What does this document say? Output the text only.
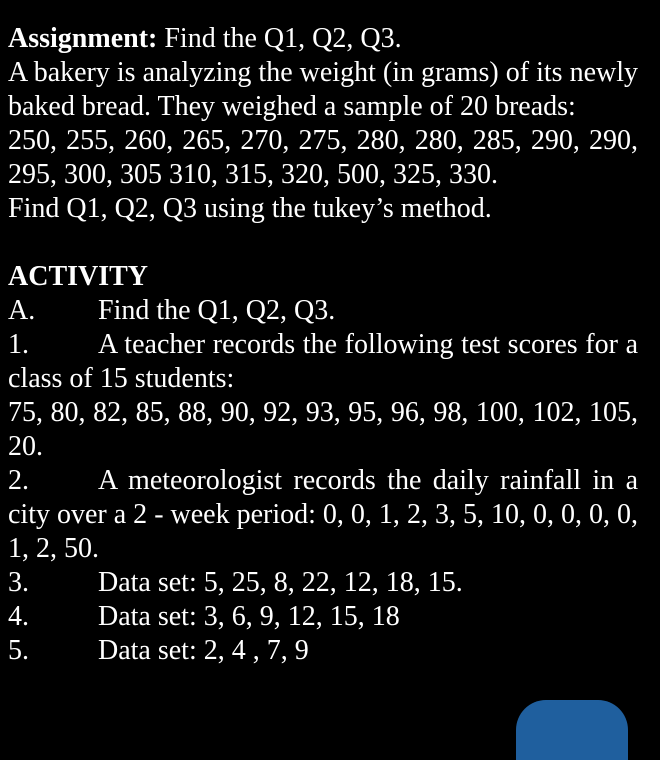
Assignment: Find the Q1, Q2, Q3.

A bakery is analyzing the weight (in grams) of its newly baked bread. They weighed a sample of 20 breads:

250, 255, 260, 265, 270, 275, 280, 280, 285, 290, 290, 295, 300, 305 310, 315, 320, 500, 325, 330.

Find Q1, Q2, Q3 using the tukey’s method.

ACTIVITY

A.	Find the Q1, Q2, Q3.

1. A teacher records the following test scores for a class of 15 students:

75, 80, 82, 85, 88, 90, 92, 93, 95, 96, 98, 100, 102, 105, 20.

2. A meteorologist records the daily rainfall in a city over a 2 - week period: 0, 0, 1, 2, 3, 5, 10, 0, 0, 0, 0, 1, 2, 50.

3.	Data set: 5, 25, 8, 22, 12, 18, 15.
4.	Data set: 3, 6, 9, 12, 15, 18
5.	Data set: 2, 4 , 7, 9
